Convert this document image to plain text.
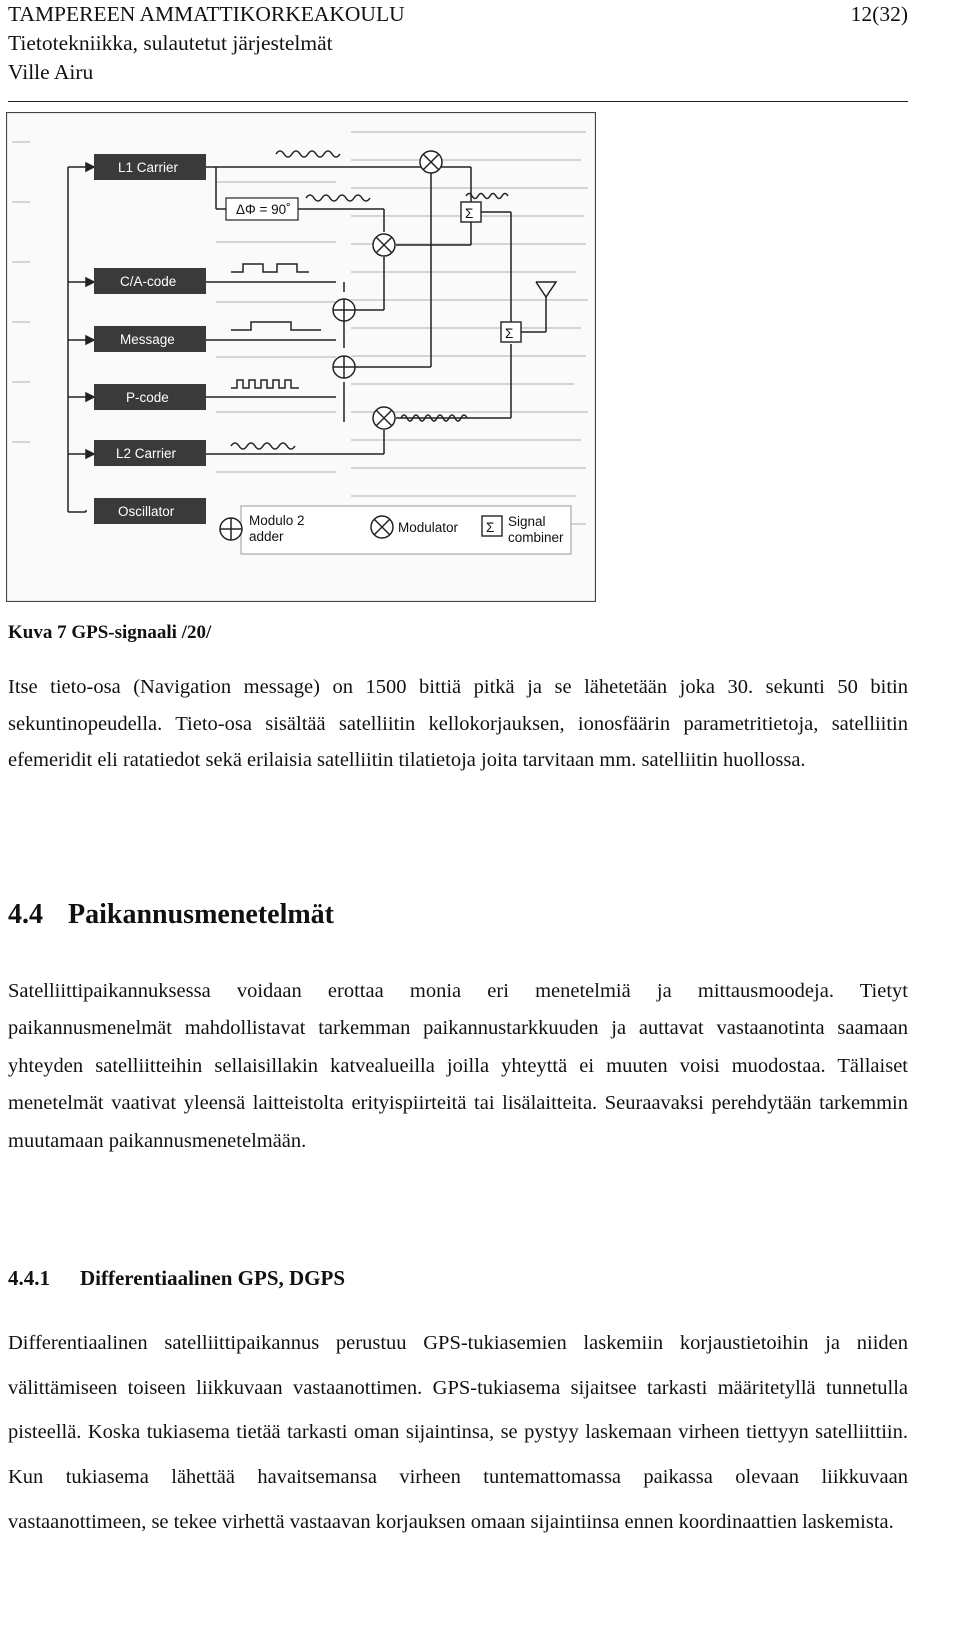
TAMPEREEN AMMATTIKORKEAKOULU
Tietotekniikka, sulautetut järjestelmät
Ville Airu
12(32)
L1 Carrier
C/A-code
Message
P-code
L2 Carrier
Oscillator
ΔΦ = 90˚	Σ
Σ
Modulo 2
adder
Modulator Σ Signal
combiner
Kuva 7 GPS-signaali /20/

Itse tieto-osa (Navigation message) on 1500 bittiä pitkä ja se lähetetään joka 30. sekunti 50 bitin sekuntinopeudella. Tieto-osa sisältää satelliitin kellokorjauksen, ionosfäärin parametritietoja, satelliitin efemeridit eli ratatiedot sekä erilaisia satelliitin tilatietoja joita tarvitaan mm. satelliitin huollossa.

4.4 Paikannusmenetelmät

Satelliittipaikannuksessa voidaan erottaa monia eri menetelmiä ja mittausmoodeja. Tietyt paikannusmenelmät mahdollistavat tarkemman paikannustarkkuuden ja auttavat vastaanotinta saamaan yhteyden satelliitteihin sellaisillakin katvealueilla joilla yhteyttä ei muuten voisi muodostaa. Tällaiset menetelmät vaativat yleensä laitteistolta erityispiirteitä tai lisälaitteita. Seuraavaksi perehdytään tarkemmin muutamaan paikannusmenetelmään.

4.4.1 Differentiaalinen GPS, DGPS

Differentiaalinen satelliittipaikannus perustuu GPS-tukiasemien laskemiin korjaustietoihin ja niiden välittämiseen toiseen liikkuvaan vastaanottimen. GPS-tukiasema sijaitsee tarkasti määritetyllä tunnetulla pisteellä. Koska tukiasema tietää tarkasti oman sijaintinsa, se pystyy laskemaan virheen tiettyyn satelliittiin. Kun tukiasema lähettää havaitsemansa virheen tuntemattomassa paikassa olevaan liikkuvaan vastaanottimeen, se tekee virhettä vastaavan korjauksen omaan sijaintiinsa ennen koordinaattien laskemista.
